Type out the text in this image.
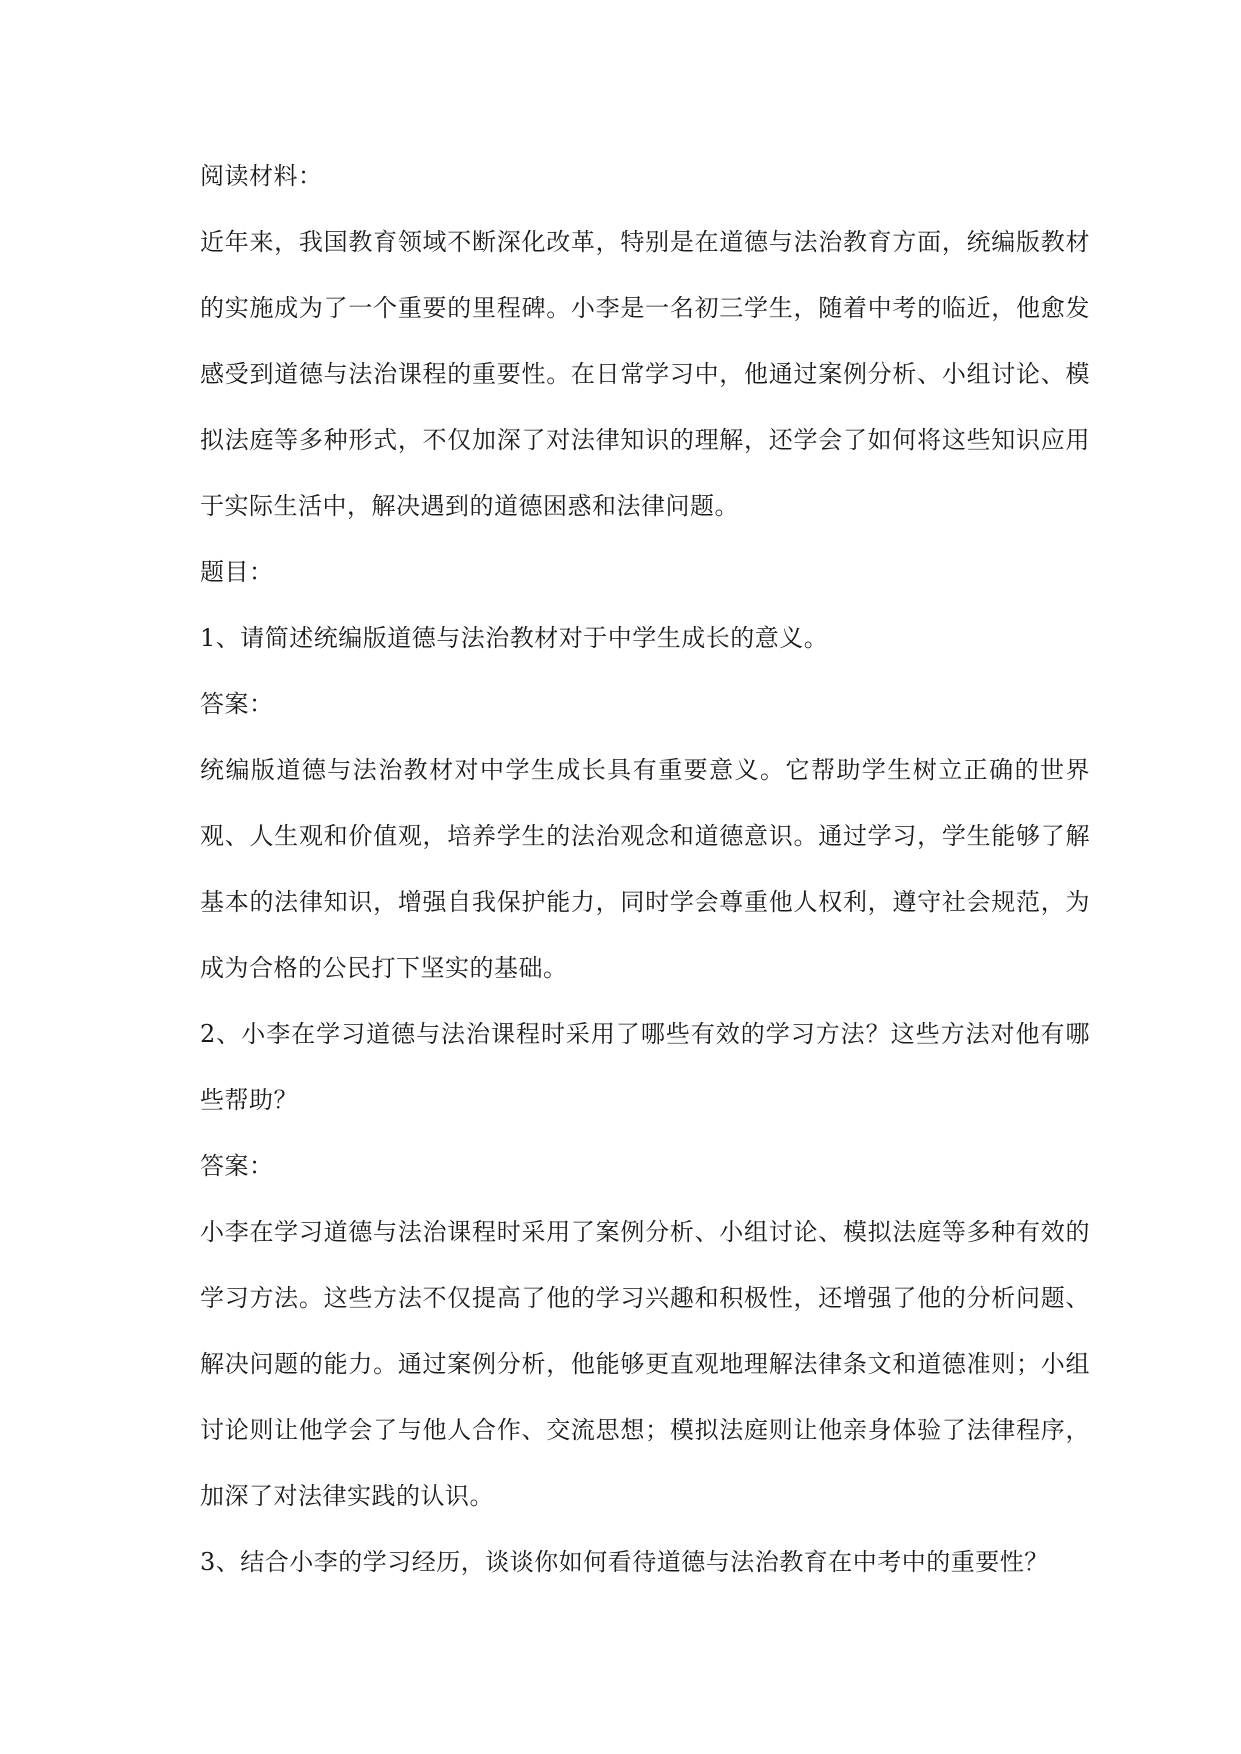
阅读材料：

近年来，我国教育领域不断深化改革，特别是在道德与法治教育方面，统编版教材的实施成为了一个重要的里程碑。小李是一名初三学生，随着中考的临近，他愈发感受到道德与法治课程的重要性。在日常学习中，他通过案例分析、小组讨论、模拟法庭等多种形式，不仅加深了对法律知识的理解，还学会了如何将这些知识应用于实际生活中，解决遇到的道德困惑和法律问题。

题目：

1、请简述统编版道德与法治教材对于中学生成长的意义。

答案：

统编版道德与法治教材对中学生成长具有重要意义。它帮助学生树立正确的世界观、人生观和价值观，培养学生的法治观念和道德意识。通过学习，学生能够了解基本的法律知识，增强自我保护能力，同时学会尊重他人权利，遵守社会规范，为成为合格的公民打下坚实的基础。

2、小李在学习道德与法治课程时采用了哪些有效的学习方法？这些方法对他有哪些帮助？

答案：

小李在学习道德与法治课程时采用了案例分析、小组讨论、模拟法庭等多种有效的学习方法。这些方法不仅提高了他的学习兴趣和积极性，还增强了他的分析问题、解决问题的能力。通过案例分析，他能够更直观地理解法律条文和道德准则；小组讨论则让他学会了与他人合作、交流思想；模拟法庭则让他亲身体验了法律程序，加深了对法律实践的认识。

3、结合小李的学习经历，谈谈你如何看待道德与法治教育在中考中的重要性？
